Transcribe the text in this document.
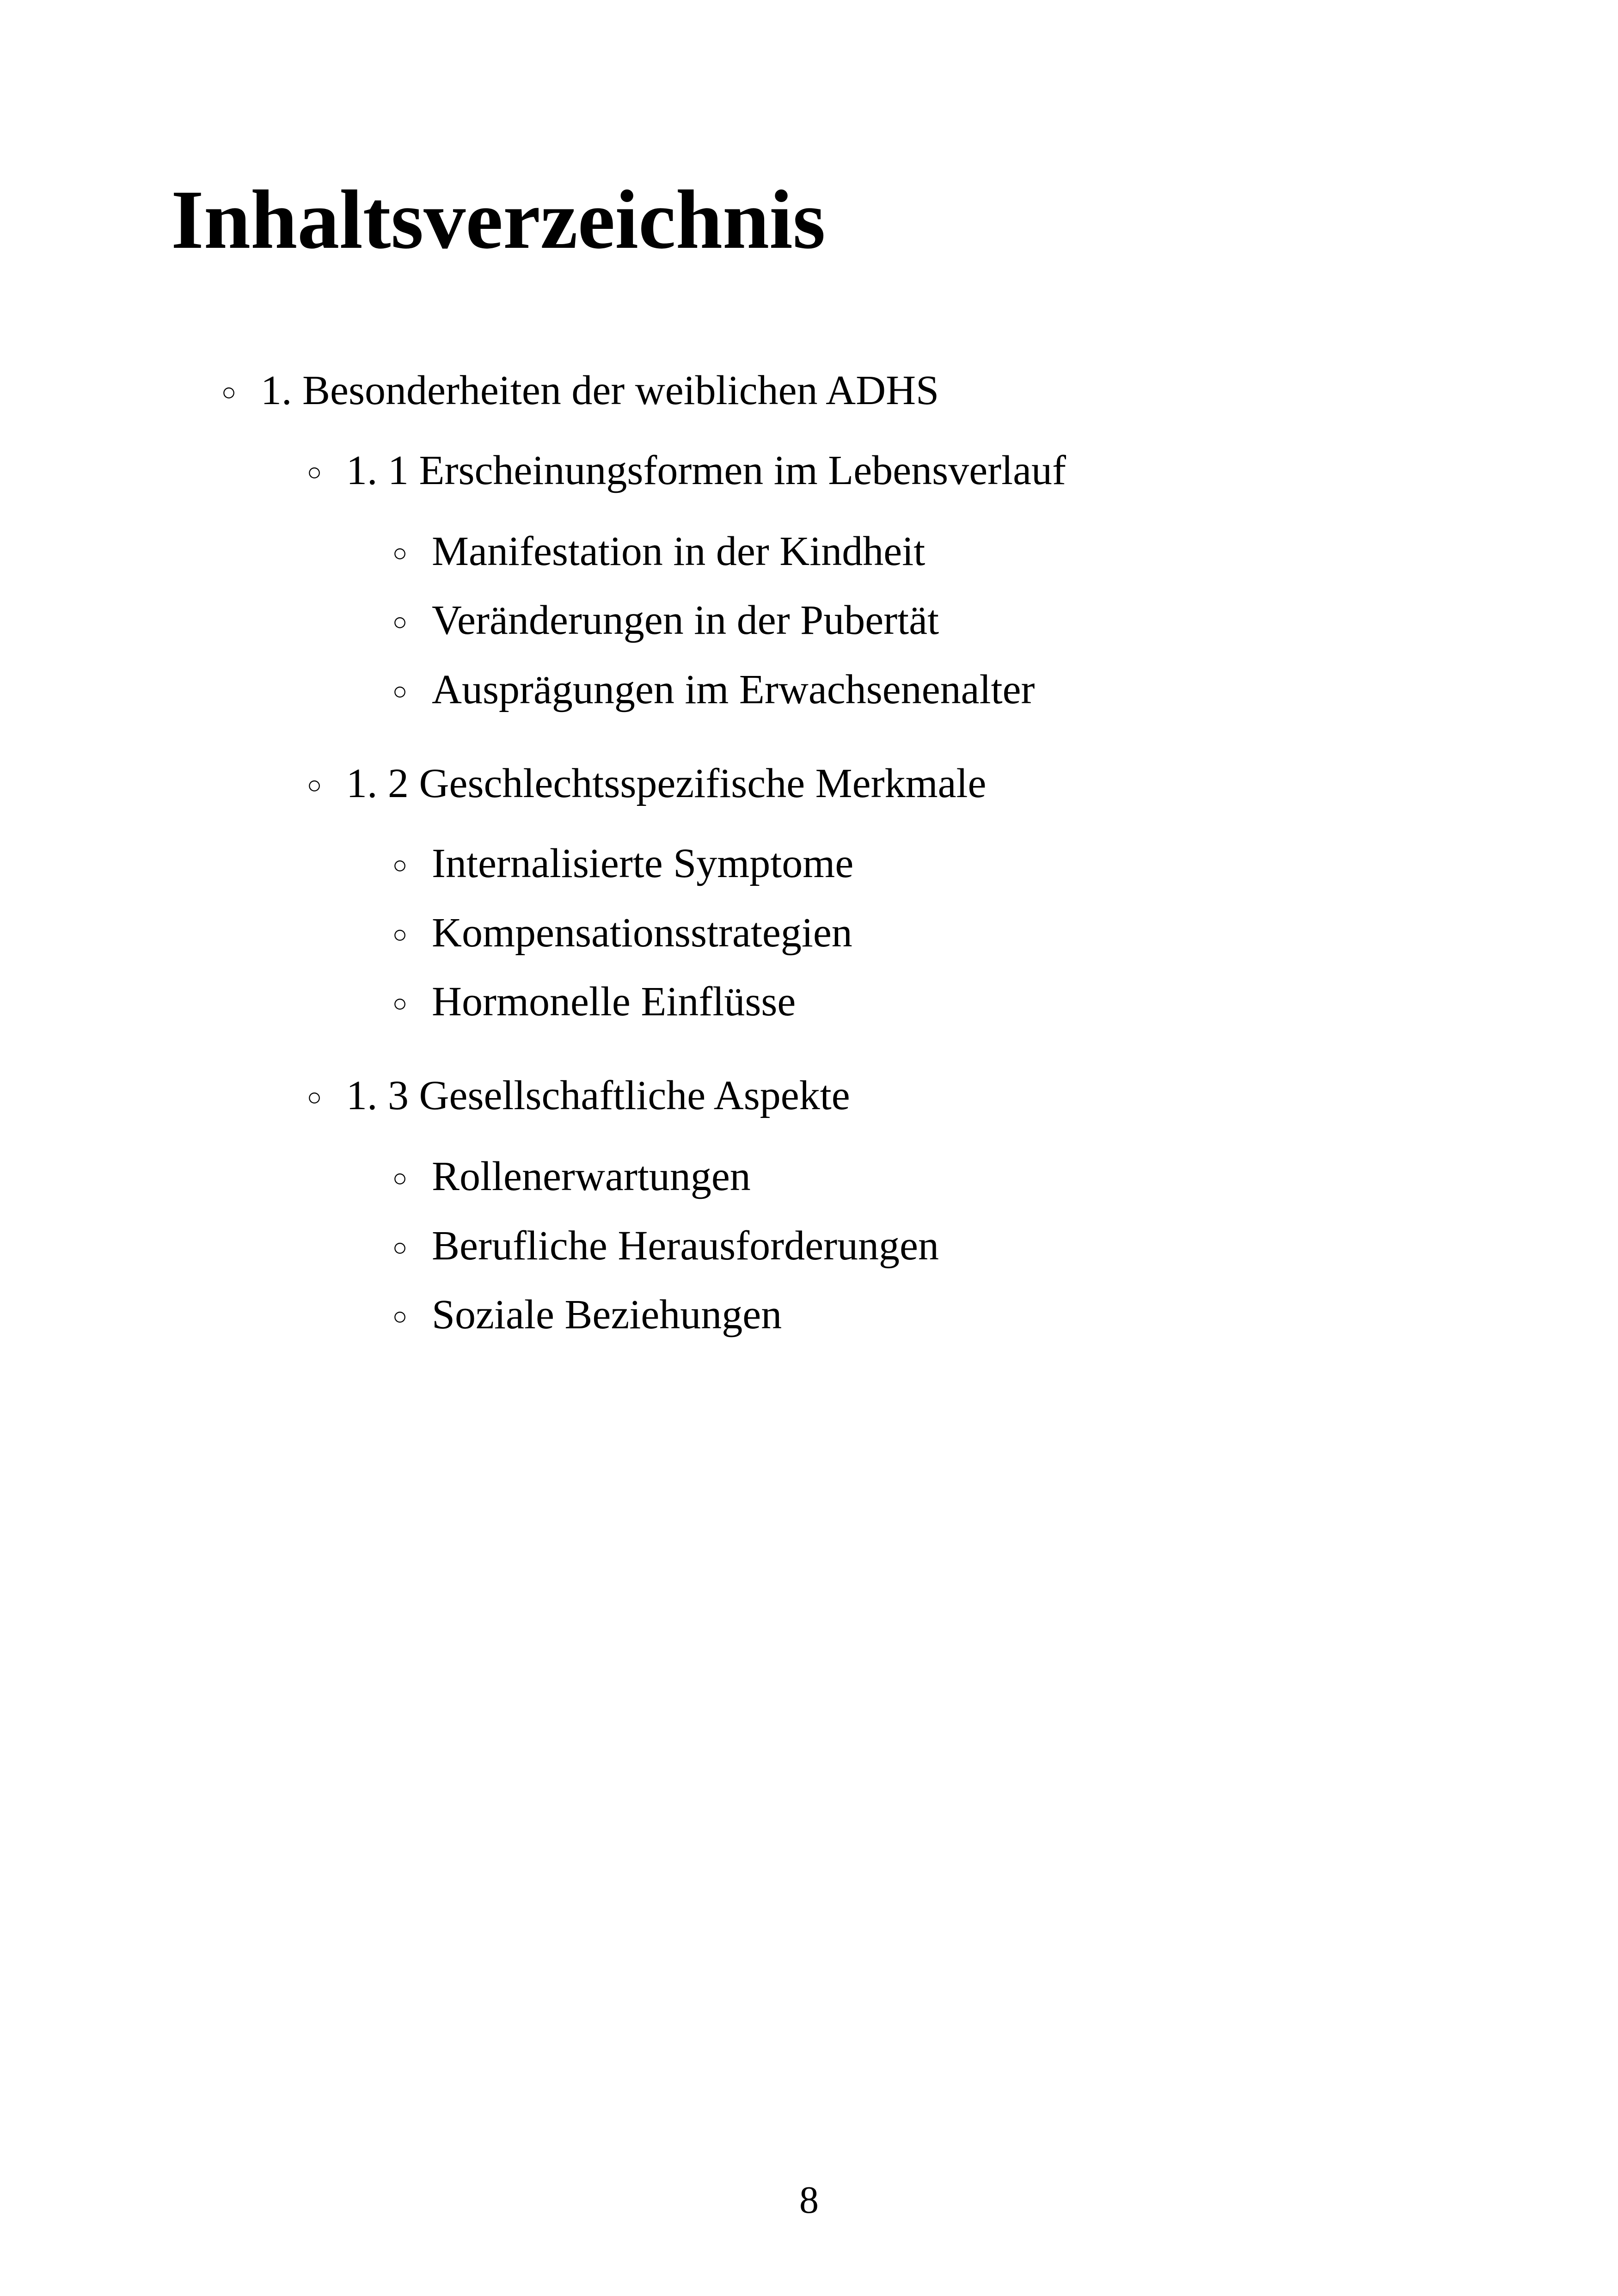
Inhaltsverzeichnis
○ 1. Besonderheiten der weiblichen ADHS
○ 1. 1 Erscheinungsformen im Lebensverlauf
○ Manifestation in der Kindheit
○ Veränderungen in der Pubertät
○ Ausprägungen im Erwachsenenalter
○ 1. 2 Geschlechtsspezifische Merkmale
○ Internalisierte Symptome
○ Kompensationsstrategien
○ Hormonelle Einflüsse
○ 1. 3 Gesellschaftliche Aspekte
○ Rollenerwartungen
○ Berufliche Herausforderungen
○ Soziale Beziehungen
8
